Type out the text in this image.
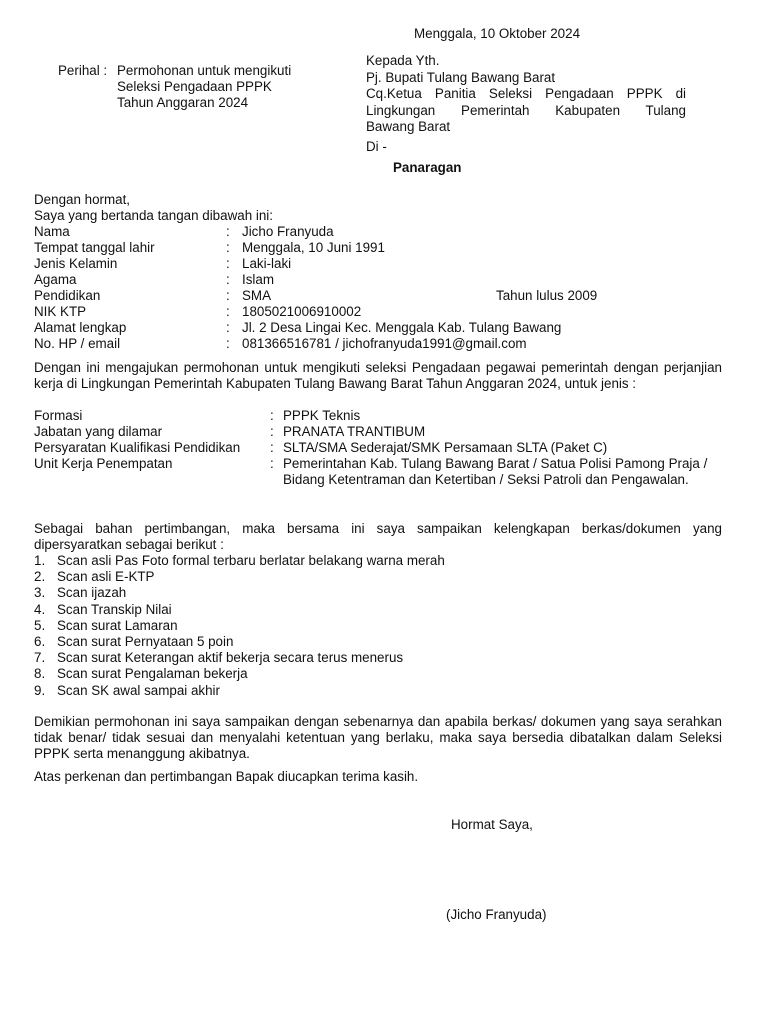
Menggala, 10 Oktober 2024
Perihal : Permohonan untuk mengikuti
Seleksi Pengadaan PPPK
Tahun Anggaran 2024
Kepada Yth.
Pj. Bupati Tulang Bawang Barat
Cq.Ketua Panitia Seleksi Pengadaan PPPK di
Lingkungan Pemerintah Kabupaten Tulang
Bawang Barat
Di -
Panaragan
Dengan hormat,
Saya yang bertanda tangan dibawah ini:
Nama	: Jicho Franyuda
Tempat tanggal lahir	: Menggala, 10 Juni 1991
Jenis Kelamin	: Laki-laki
Agama	: Islam
Pendidikan	: SMA	Tahun lulus 2009
NIK KTP	: 1805021006910002
Alamat lengkap	: Jl. 2 Desa Lingai Kec. Menggala Kab. Tulang Bawang
No. HP / email	: 081366516781 / jichofranyuda1991@gmail.com
Dengan ini mengajukan permohonan untuk mengikuti seleksi Pengadaan pegawai pemerintah dengan perjanjian kerja di Lingkungan Pemerintah Kabupaten Tulang Bawang Barat Tahun Anggaran 2024, untuk jenis :
Formasi	: PPPK Teknis
Jabatan yang dilamar	: PRANATA TRANTIBUM
Persyaratan Kualifikasi Pendidikan : SLTA/SMA Sederajat/SMK Persamaan SLTA (Paket C)
Unit Kerja Penempatan	: Pemerintahan Kab. Tulang Bawang Barat / Satua Polisi Pamong Praja / Bidang Ketentraman dan Ketertiban / Seksi Patroli dan Pengawalan.
Sebagai bahan pertimbangan, maka bersama ini saya sampaikan kelengkapan berkas/dokumen yang dipersyaratkan sebagai berikut :
1. Scan asli Pas Foto formal terbaru berlatar belakang warna merah
2. Scan asli E-KTP
3. Scan ijazah
4. Scan Transkip Nilai
5. Scan surat Lamaran
6. Scan surat Pernyataan 5 poin
7. Scan surat Keterangan aktif bekerja secara terus menerus
8. Scan surat Pengalaman bekerja
9. Scan SK awal sampai akhir
Demikian permohonan ini saya sampaikan dengan sebenarnya dan apabila berkas/ dokumen yang saya serahkan tidak benar/ tidak sesuai dan menyalahi ketentuan yang berlaku, maka saya bersedia dibatalkan dalam Seleksi PPPK serta menanggung akibatnya.
Atas perkenan dan pertimbangan Bapak diucapkan terima kasih.
Hormat Saya,
(Jicho Franyuda)
